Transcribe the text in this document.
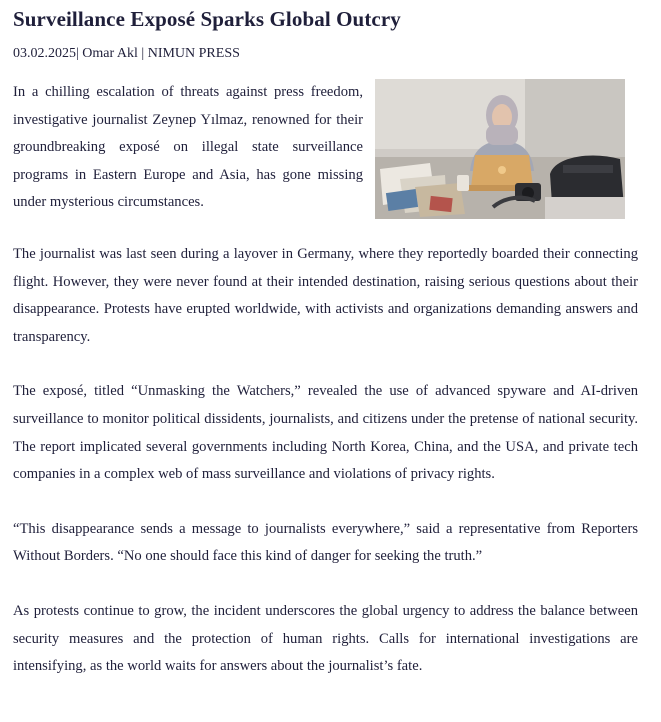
Surveillance Exposé Sparks Global Outcry
03.02.2025| Omar Akl | NIMUN PRESS
In a chilling escalation of threats against press freedom, investigative journalist Zeynep Yılmaz, renowned for their groundbreaking exposé on illegal state surveillance programs in Eastern Europe and Asia, has gone missing under mysterious circumstances.

The journalist was last seen during a layover in Germany, where they reportedly boarded their connecting flight. However, they were never found at their intended destination, raising serious questions about their disappearance. Protests have erupted worldwide, with activists and organizations demanding answers and transparency.

The exposé, titled “Unmasking the Watchers,” revealed the use of advanced spyware and AI-driven surveillance to monitor political dissidents, journalists, and citizens under the pretense of national security. The report implicated several governments including North Korea, China, and the USA, and private tech companies in a complex web of mass surveillance and violations of privacy rights.

“This disappearance sends a message to journalists everywhere,” said a representative from Reporters Without Borders. “No one should face this kind of danger for seeking the truth.”

As protests continue to grow, the incident underscores the global urgency to address the balance between security measures and the protection of human rights. Calls for international investigations are intensifying, as the world waits for answers about the journalist’s fate.
